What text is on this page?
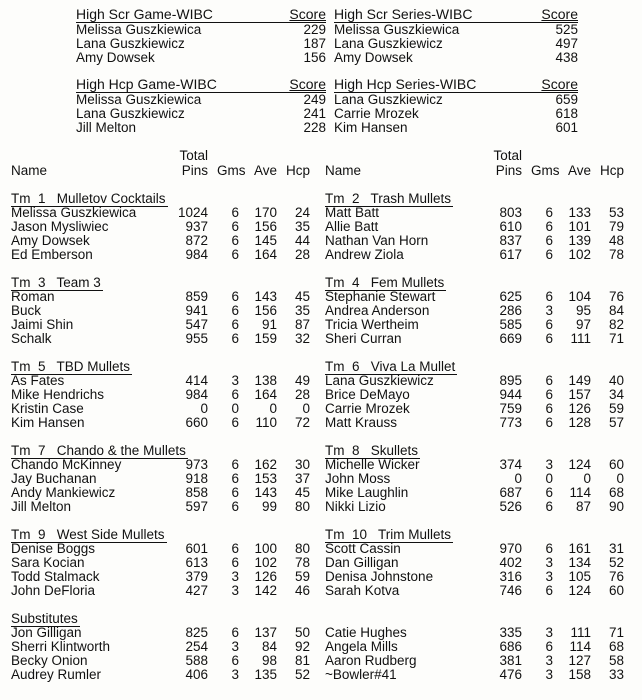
High Scr Game-WIBC	Score
Melissa Guszkiewica	229
Lana Guszkiewicz	187
Amy Dowsek	156
High Scr Series-WIBC	Score
Melissa Guszkiewica	525
Lana Guszkiewicz	497
Amy Dowsek	438
High Hcp Game-WIBC	Score
Melissa Guszkiewica	249
Lana Guszkiewicz	241
Jill Melton	228
High Hcp Series-WIBC	Score
Lana Guszkiewicz	659
Carrie Mrozek	618
Kim Hansen	601
Name
Total
Pins Gms Ave Hcp
Tm  1   Mulletov Cocktails
Melissa Guszkiewica	1024	6	170	24
Jason Mysliwiec	937	6	156	35
Amy Dowsek	872	6	145	44
Ed Emberson	984	6	164	28
Tm  3   Team 3
Roman	859	6	143	45
Buck	941	6	156	35
Jaimi Shin	547	6	91	87
Schalk	955	6	159	32
Tm  5   TBD Mullets
As Fates	414	3	138	49
Mike Hendrichs	984	6	164	28
Kristin Case	0	0	0	0
Kim Hansen	660	6	110	72
Tm  7   Chando & the Mullets
Chando McKinney	973	6	162	30
Jay Buchanan	918	6	153	37
Andy Mankiewicz	858	6	143	45
Jill Melton	597	6	99	80
Tm  9   West Side Mullets
Denise Boggs	601	6	100	80
Sara Kocian	613	6	102	78
Todd Stalmack	379	3	126	59
John DeFloria	427	3	142	46
Substitutes
Jon Gilligan	825	6	137	50
Sherri Klintworth	254	3	84	92
Becky Onion	588	6	98	81
Audrey Rumler	406	3	135	52
Name
Total
Pins Gms Ave Hcp
Tm  2   Trash Mullets
Matt Batt	803	6	133	53
Allie Batt	610	6	101	79
Nathan Van Horn	837	6	139	48
Andrew Ziola	617	6	102	78
Tm  4   Fem Mullets
Stephanie Stewart	625	6	104	76
Andrea Anderson	286	3	95	84
Tricia Wertheim	585	6	97	82
Sheri Curran	669	6	111	71
Tm  6   Viva La Mullet
Lana Guszkiewicz	895	6	149	40
Brice DeMayo	944	6	157	34
Carrie Mrozek	759	6	126	59
Matt Krauss	773	6	128	57
Tm  8   Skullets
Michelle Wicker	374	3	124	60
John Moss	0	0	0	0
Mike Laughlin	687	6	114	68
Nikki Lizio	526	6	87	90
Tm  10   Trim Mullets
Scott Cassin	970	6	161	31
Dan Gilligan	402	3	134	52
Denisa Johnstone	316	3	105	76
Sarah Kotva	746	6	124	60
Catie Hughes	335	3	111	71
Angela Mills	686	6	114	68
Aaron Rudberg	381	3	127	58
~Bowler#41	476	3	158	33
